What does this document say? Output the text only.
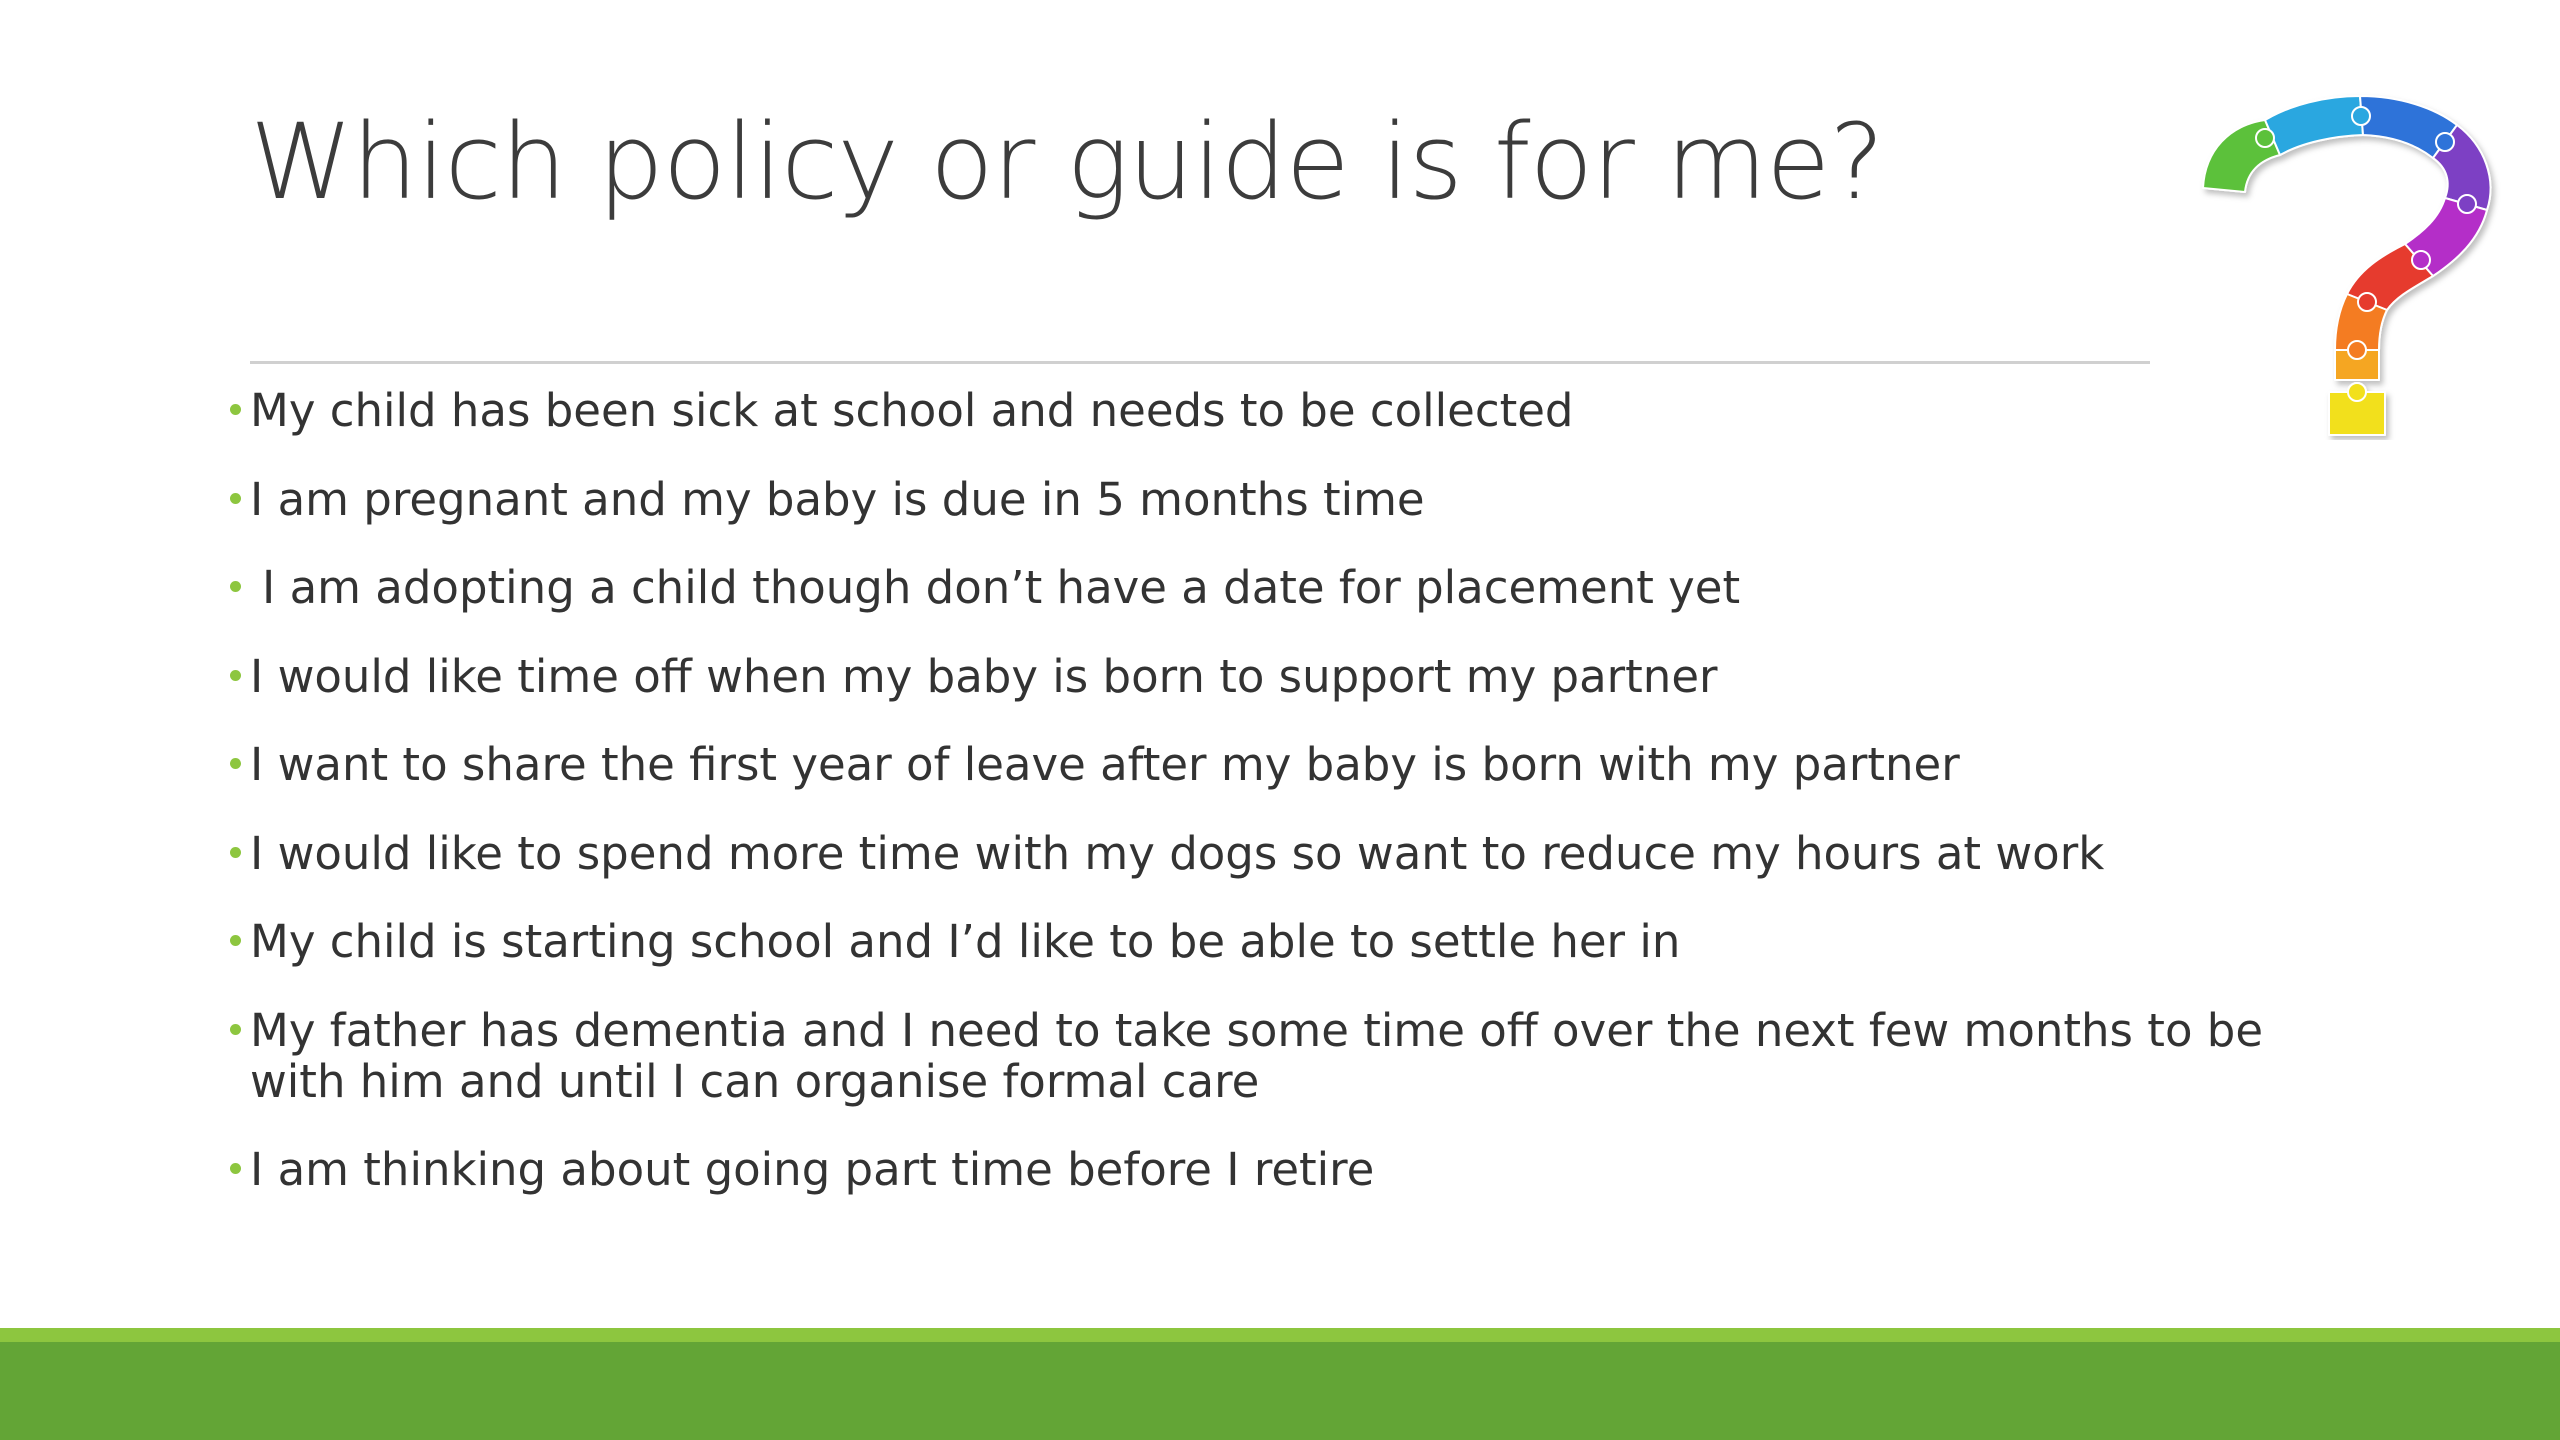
Which policy or guide is for me?
My child has been sick at school and needs to be collected
I am pregnant and my baby is due in 5 months time
I am adopting a child though don’t have a date for placement yet
I would like time off when my baby is born to support my partner
I want to share the first year of leave after my baby is born with my partner
I would like to spend more time with my dogs so want to reduce my hours at work
My child is starting school and I’d like to be able to settle her in
My father has dementia and I need to take some time off over the next few months to be with him and until I can organise formal care
I am thinking about going part time before I retire
